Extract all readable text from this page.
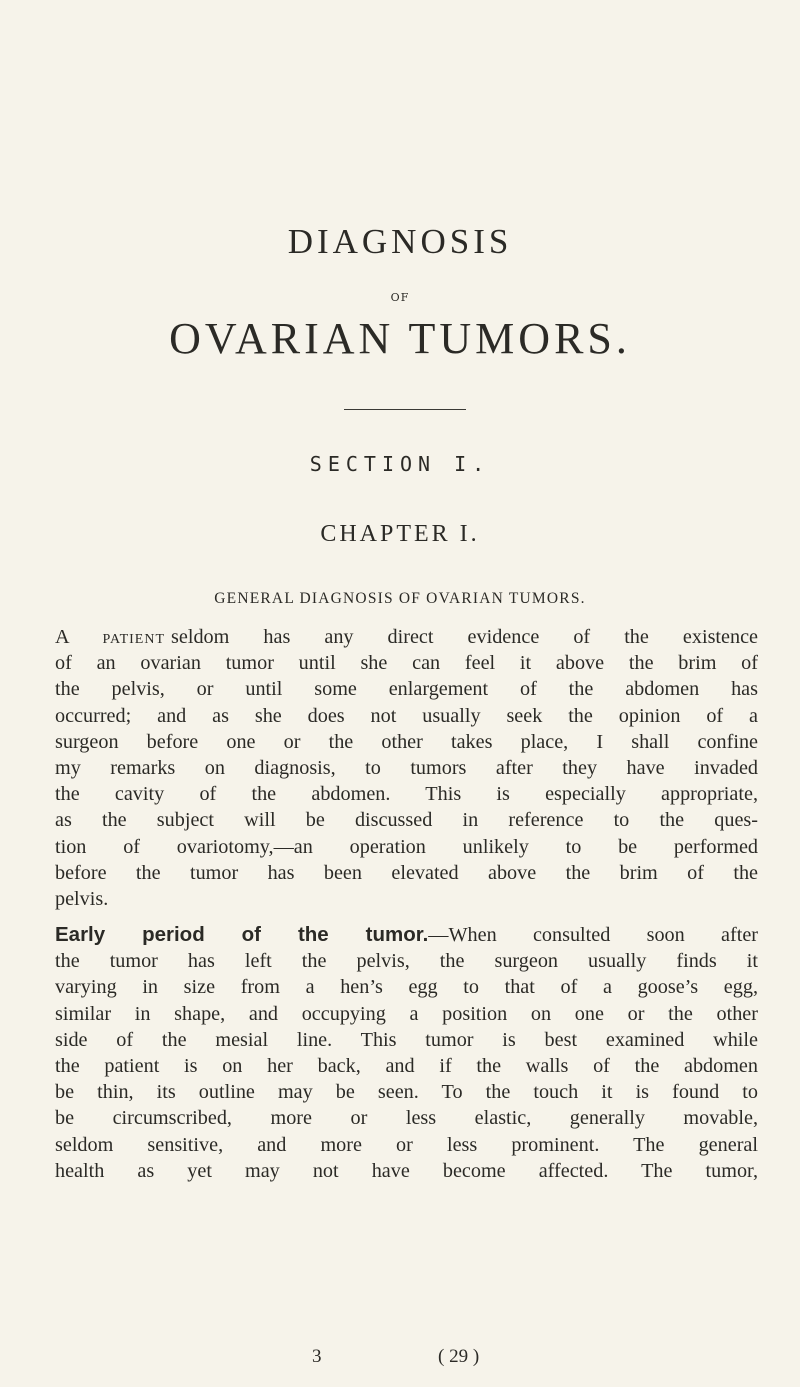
DIAGNOSIS
OF
OVARIAN TUMORS.
SECTION I.
CHAPTER I.
GENERAL DIAGNOSIS OF OVARIAN TUMORS.
A patient seldom has any direct evidence of the existence
of an ovarian tumor until she can feel it above the brim of
the pelvis, or until some enlargement of the abdomen has
occurred; and as she does not usually seek the opinion of a
surgeon before one or the other takes place, I shall confine
my remarks on diagnosis, to tumors after they have invaded
the cavity of the abdomen. This is especially appropriate,
as the subject will be discussed in reference to the ques-
tion of ovariotomy,—an operation unlikely to be performed
before the tumor has been elevated above the brim of the
pelvis.
Early period of the tumor.—When consulted soon after
the tumor has left the pelvis, the surgeon usually finds it
varying in size from a hen’s egg to that of a goose’s egg,
similar in shape, and occupying a position on one or the other
side of the mesial line. This tumor is best examined while
the patient is on her back, and if the walls of the abdomen
be thin, its outline may be seen. To the touch it is found to
be circumscribed, more or less elastic, generally movable,
seldom sensitive, and more or less prominent. The general
health as yet may not have become affected. The tumor,
3	( 29 )
